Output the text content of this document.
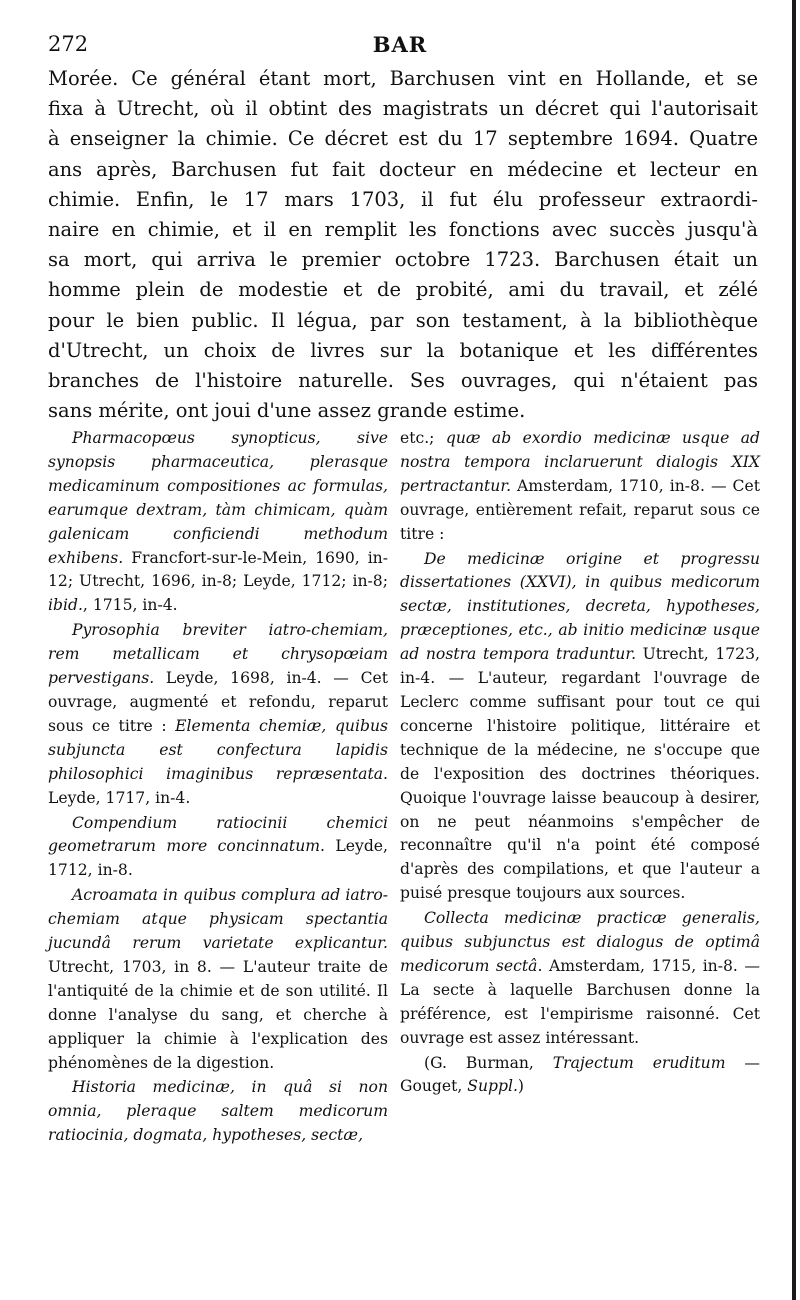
272	BAR
Morée. Ce général étant mort, Barchusen vint en Hollande, et se
fixa à Utrecht, où il obtint des magistrats un décret qui l'autorisait
à enseigner la chimie. Ce décret est du 17 septembre 1694. Quatre
ans après, Barchusen fut fait docteur en médecine et lecteur en
chimie. Enfin, le 17 mars 1703, il fut élu professeur extraordi-
naire en chimie, et il en remplit les fonctions avec succès jusqu'à
sa mort, qui arriva le premier octobre 1723. Barchusen était un
homme plein de modestie et de probité, ami du travail, et zélé
pour le bien public. Il légua, par son testament, à la bibliothèque
d'Utrecht, un choix de livres sur la botanique et les différentes
branches de l'histoire naturelle. Ses ouvrages, qui n'étaient pas
sans mérite, ont joui d'une assez grande estime.

Pharmacopœus synopticus, sive synopsis pharmaceutica, plerasque medicaminum compositiones ac formulas, earumque dextram, tàm chimicam, quàm galenicam conficiendi methodum exhibens. Francfort-sur-le-Mein, 1690, in-12; Utrecht, 1696, in-8; Leyde, 1712; in-8; ibid., 1715, in-4.

Pyrosophia breviter iatro-chemiam, rem metallicam et chrysopœiam pervestigans. Leyde, 1698, in-4. — Cet ouvrage, augmenté et refondu, reparut sous ce titre : Elementa chemiæ, quibus subjuncta est confectura lapidis philosophici imaginibus repræsentata. Leyde, 1717, in-4.

Compendium ratiocinii chemici geometrarum more concinnatum. Leyde, 1712, in-8.

Acroamata in quibus complura ad iatro-chemiam atque physicam spectantia jucundâ rerum varietate explicantur. Utrecht, 1703, in 8. — L'auteur traite de l'antiquité de la chimie et de son utilité. Il donne l'analyse du sang, et cherche à appliquer la chimie à l'explication des phénomènes de la digestion.

Historia medicinæ, in quâ si non omnia, pleraque saltem medicorum ratiocinia, dogmata, hypotheses, sectæ,

etc.; quæ ab exordio medicinæ usque ad nostra tempora inclaruerunt dialogis XIX pertractantur. Amsterdam, 1710, in-8. — Cet ouvrage, entièrement refait, reparut sous ce titre :

De medicinæ origine et progressu dissertationes (XXVI), in quibus medicorum sectæ, institutiones, decreta, hypotheses, præceptiones, etc., ab initio medicinæ usque ad nostra tempora traduntur. Utrecht, 1723, in-4. — L'auteur, regardant l'ouvrage de Leclerc comme suffisant pour tout ce qui concerne l'histoire politique, littéraire et technique de la médecine, ne s'occupe que de l'exposition des doctrines théoriques. Quoique l'ouvrage laisse beaucoup à desirer, on ne peut néanmoins s'empêcher de reconnaître qu'il n'a point été composé d'après des compilations, et que l'auteur a puisé presque toujours aux sources.

Collecta medicinæ practicæ generalis, quibus subjunctus est dialogus de optimâ medicorum sectâ. Amsterdam, 1715, in-8. — La secte à laquelle Barchusen donne la préférence, est l'empirisme raisonné. Cet ouvrage est assez intéressant.

(G. Burman, Trajectum eruditum — Gouget, Suppl.)
